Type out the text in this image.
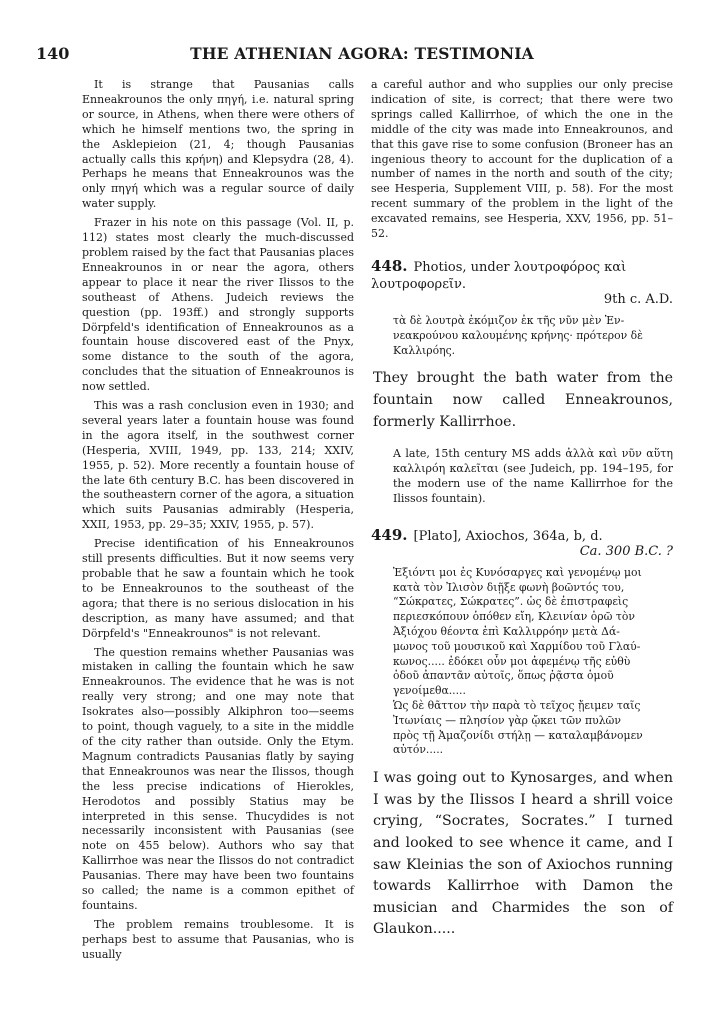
140	THE ATHENIAN AGORA: TESTIMONIA

It is strange that Pausanias calls Enneakrounos the only πηγή, i.e. natural spring or source, in Athens, when there were others of which he himself mentions two, the spring in the Asklepieion (21, 4; though Pausanias actually calls this κρήνη) and Klepsydra (28, 4). Perhaps he means that Enneakrounos was the only πηγή which was a regular source of daily water supply.

Frazer in his note on this passage (Vol. II, p. 112) states most clearly the much-discussed problem raised by the fact that Pausanias places Enneakrounos in or near the agora, others appear to place it near the river Ilissos to the southeast of Athens. Judeich reviews the question (pp. 193ff.) and strongly supports Dörpfeld's identification of Enneakrounos as a fountain house discovered east of the Pnyx, some distance to the south of the agora, concludes that the situation of Enneakrounos is now settled.

This was a rash conclusion even in 1930; and several years later a fountain house was found in the agora itself, in the southwest corner (Hesperia, XVIII, 1949, pp. 133, 214; XXIV, 1955, p. 52). More recently a fountain house of the late 6th century B.C. has been discovered in the southeastern corner of the agora, a situation which suits Pausanias admirably (Hesperia, XXII, 1953, pp. 29–35; XXIV, 1955, p. 57).

Precise identification of his Enneakrounos still presents difficulties. But it now seems very probable that he saw a fountain which he took to be Enneakrounos to the southeast of the agora; that there is no serious dislocation in his description, as many have assumed; and that Dörpfeld's "Enneakrounos" is not relevant.

The question remains whether Pausanias was mistaken in calling the fountain which he saw Enneakrounos. The evidence that he was is not really very strong; and one may note that Isokrates also—possibly Alkiphron too—seems to point, though vaguely, to a site in the middle of the city rather than outside. Only the Etym. Magnum contradicts Pausanias flatly by saying that Enneakrounos was near the Ilissos, though the less precise indications of Hierokles, Herodotos and possibly Statius may be interpreted in this sense. Thucydides is not necessarily inconsistent with Pausanias (see note on 455 below). Authors who say that Kallirrhoe was near the Ilissos do not contradict Pausanias. There may have been two fountains so called; the name is a common epithet of fountains.

The problem remains troublesome. It is perhaps best to assume that Pausanias, who is usually

a careful author and who supplies our only precise indication of site, is correct; that there were two springs called Kallirrhoe, of which the one in the middle of the city was made into Enneakrounos, and that this gave rise to some confusion (Broneer has an ingenious theory to account for the duplication of a number of names in the north and south of the city; see Hesperia, Supplement VIII, p. 58). For the most recent summary of the problem in the light of the excavated remains, see Hesperia, XXV, 1956, pp. 51–52.

448. Photios, under λουτροφόρος καὶ λουτροφορεῖν.
9th c. A.D.
τὰ δὲ λουτρὰ ἐκόμιζον ἐκ τῆς νῦν μὲν Ἐν-
νεακρούνου καλουμένης κρήνης· πρότερον δὲ
Καλλιρόης.
They brought the bath water from the fountain now called Enneakrounos, formerly Kallirrhoe.
A late, 15th century MS adds ἀλλὰ καὶ νῦν αὕτη καλλιρόη καλεῖται (see Judeich, pp. 194–195, for the modern use of the name Kallirrhoe for the Ilissos fountain).
449. [Plato], Axiochos, 364a, b, d.
Ca. 300 B.C. ?
Ἐξιόντι μοι ἐς Κυνόσαργες καὶ γενομένῳ μοι
κατὰ τὸν Ἰλισὸν διῇξε φωνὴ βοῶντός του,
“Σώκρατες, Σώκρατες”. ὡς δὲ ἐπιστραφεὶς
περιεσκόπουν ὁπόθεν εἴη, Κλεινίαν ὁρῶ τὸν
Ἀξιόχου θέοντα ἐπὶ Καλλιρρόην μετὰ Δά-
μωνος τοῦ μουσικοῦ καὶ Χαρμίδου τοῦ Γλαύ-
κωνος..... ἐδόκει οὖν μοι ἀφεμένῳ τῆς εὐθὺ
ὁδοῦ ἀπαντᾶν αὐτοῖς, ὅπως ῥᾷστα ὁμοῦ
γενοίμεθα.....
Ὡς δὲ θᾶττον τὴν παρὰ τὸ τεῖχος ᾔειμεν ταῖς
Ἰτωνίαις — πλησίον γὰρ ᾤκει τῶν πυλῶν
πρὸς τῇ Ἀμαζονίδι στήλῃ — καταλαμβάνομεν
αὐτόν.....
I was going out to Kynosarges, and when I was by the Ilissos I heard a shrill voice crying, “Socrates, Socrates.” I turned and looked to see whence it came, and I saw Kleinias the son of Axiochos running towards Kallirrhoe with Damon the musician and Charmides the son of Glaukon.....
